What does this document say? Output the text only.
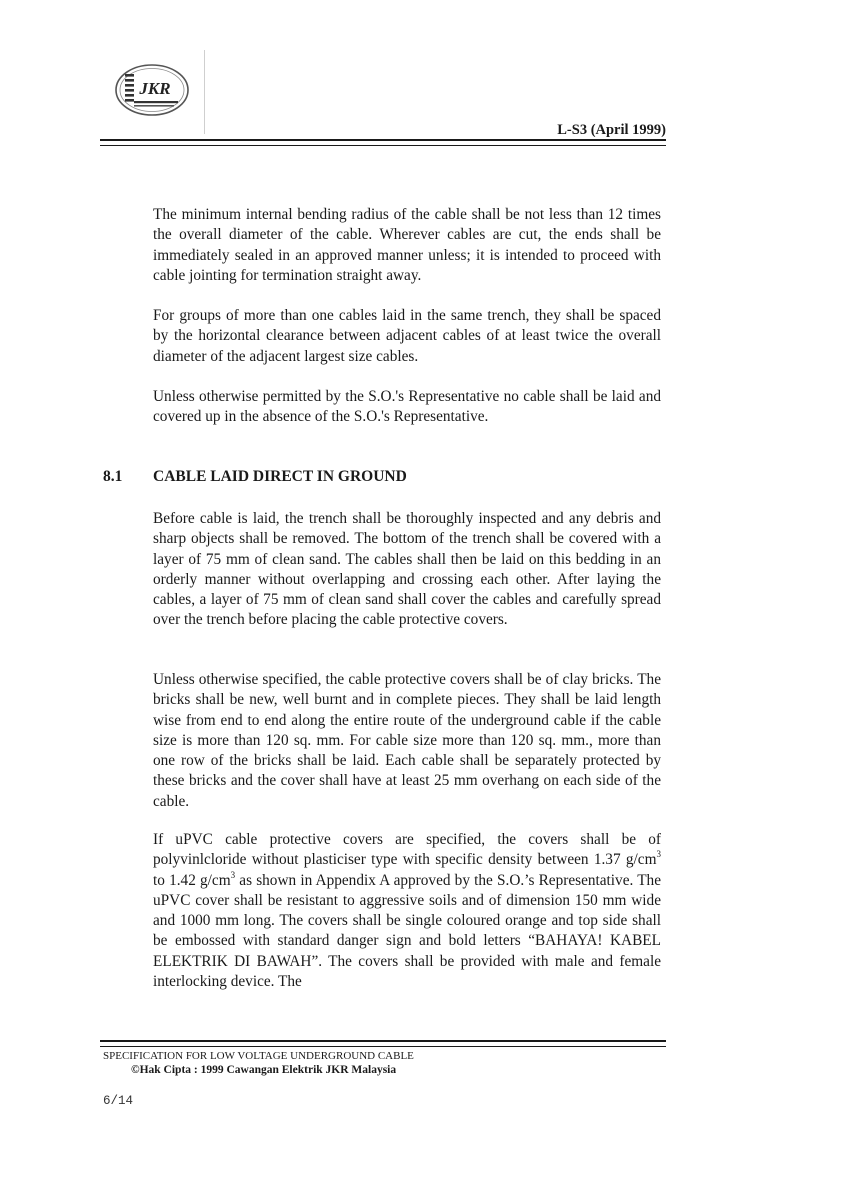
JKR
L-S3 (April 1999)

The minimum internal bending radius of the cable shall be not less than 12 times the overall diameter of the cable. Wherever cables are cut, the ends shall be immediately sealed in an approved manner unless; it is intended to proceed with cable jointing for termination straight away.

For groups of more than one cables laid in the same trench, they shall be spaced by the horizontal clearance between adjacent cables of at least twice the overall diameter of the adjacent largest size cables.

Unless otherwise permitted by the S.O.'s Representative no cable shall be laid and covered up in the absence of the S.O.'s Representative.

8.1 CABLE LAID DIRECT IN GROUND

Before cable is laid, the trench shall be thoroughly inspected and any debris and sharp objects shall be removed. The bottom of the trench shall be covered with a layer of 75 mm of clean sand. The cables shall then be laid on this bedding in an orderly manner without overlapping and crossing each other. After laying the cables, a layer of 75 mm of clean sand shall cover the cables and carefully spread over the trench before placing the cable protective covers.

Unless otherwise specified, the cable protective covers shall be of clay bricks. The bricks shall be new, well burnt and in complete pieces. They shall be laid length wise from end to end along the entire route of the underground cable if the cable size is more than 120 sq. mm. For cable size more than 120 sq. mm., more than one row of the bricks shall be laid. Each cable shall be separately protected by these bricks and the cover shall have at least 25 mm overhang on each side of the cable.

If uPVC cable protective covers are specified, the covers shall be of polyvinlcloride without plasticiser type with specific density between 1.37 $g/cm^3$ to 1.42 $g/cm^3$ as shown in Appendix A approved by the S.O.’s Representative. The uPVC cover shall be resistant to aggressive soils and of dimension 150 mm wide and 1000 mm long. The covers shall be single coloured orange and top side shall be embossed with standard danger sign and bold letters “BAHAYA! KABEL ELEKTRIK DI BAWAH”. The covers shall be provided with male and female interlocking device. The

SPECIFICATION FOR LOW VOLTAGE UNDERGROUND CABLE
©Hak Cipta : 1999 Cawangan Elektrik JKR Malaysia
6/14
